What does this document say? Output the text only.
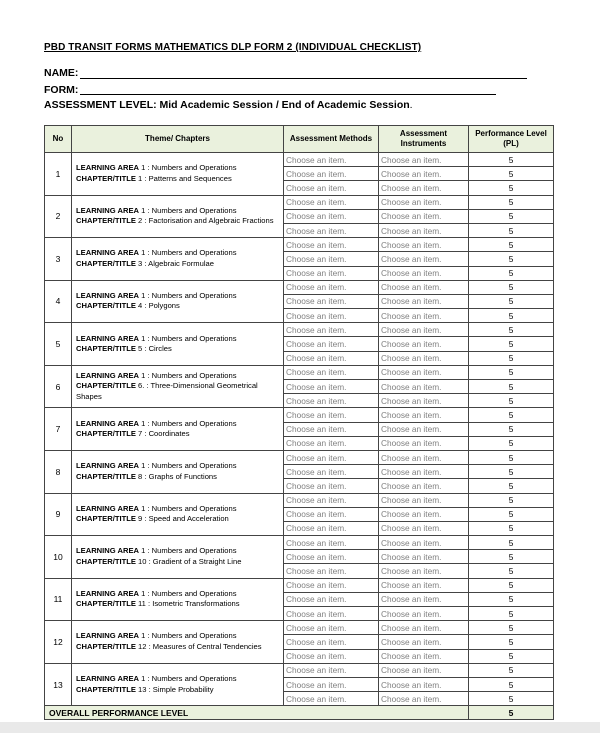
PBD TRANSIT FORMS MATHEMATICS DLP FORM 2 (INDIVIDUAL CHECKLIST)
NAME:
FORM:
ASSESSMENT LEVEL: Mid Academic Session / End of Academic Session.
No	Theme/ Chapters	Assessment Methods	Assessment Instruments	Performance Level (PL)
1	LEARNING AREA 1 : Numbers and Operations
CHAPTER/TITLE 1 : Patterns and Sequences	Choose an item.	Choose an item.	5
		Choose an item.	Choose an item.	5
		Choose an item.	Choose an item.	5
2	LEARNING AREA 1 : Numbers and Operations
CHAPTER/TITLE 2 : Factorisation and Algebraic Fractions	Choose an item.	Choose an item.	5
		Choose an item.	Choose an item.	5
		Choose an item.	Choose an item.	5
3	LEARNING AREA 1 : Numbers and Operations
CHAPTER/TITLE 3 : Algebraic Formulae	Choose an item.	Choose an item.	5
		Choose an item.	Choose an item.	5
		Choose an item.	Choose an item.	5
4	LEARNING AREA 1 : Numbers and Operations
CHAPTER/TITLE 4 : Polygons	Choose an item.	Choose an item.	5
		Choose an item.	Choose an item.	5
		Choose an item.	Choose an item.	5
5	LEARNING AREA 1 : Numbers and Operations
CHAPTER/TITLE 5 : Circles	Choose an item.	Choose an item.	5
		Choose an item.	Choose an item.	5
		Choose an item.	Choose an item.	5
6	LEARNING AREA 1 : Numbers and Operations
CHAPTER/TITLE 6. : Three-Dimensional Geometrical Shapes	Choose an item.	Choose an item.	5
		Choose an item.	Choose an item.	5
		Choose an item.	Choose an item.	5
7	LEARNING AREA 1 : Numbers and Operations
CHAPTER/TITLE 7 : Coordinates	Choose an item.	Choose an item.	5
		Choose an item.	Choose an item.	5
		Choose an item.	Choose an item.	5
8	LEARNING AREA 1 : Numbers and Operations
CHAPTER/TITLE 8 : Graphs of Functions	Choose an item.	Choose an item.	5
		Choose an item.	Choose an item.	5
		Choose an item.	Choose an item.	5
9	LEARNING AREA 1 : Numbers and Operations
CHAPTER/TITLE 9 : Speed and Acceleration	Choose an item.	Choose an item.	5
		Choose an item.	Choose an item.	5
		Choose an item.	Choose an item.	5
10	LEARNING AREA 1 : Numbers and Operations
CHAPTER/TITLE 10 : Gradient of a Straight Line	Choose an item.	Choose an item.	5
		Choose an item.	Choose an item.	5
		Choose an item.	Choose an item.	5
11	LEARNING AREA 1 : Numbers and Operations
CHAPTER/TITLE 11 : Isometric Transformations	Choose an item.	Choose an item.	5
		Choose an item.	Choose an item.	5
		Choose an item.	Choose an item.	5
12	LEARNING AREA 1 : Numbers and Operations
CHAPTER/TITLE 12 : Measures of Central Tendencies	Choose an item.	Choose an item.	5
		Choose an item.	Choose an item.	5
		Choose an item.	Choose an item.	5
13	LEARNING AREA 1 : Numbers and Operations
CHAPTER/TITLE 13 : Simple Probability	Choose an item.	Choose an item.	5
		Choose an item.	Choose an item.	5
		Choose an item.	Choose an item.	5
OVERALL PERFORMANCE LEVEL				5
